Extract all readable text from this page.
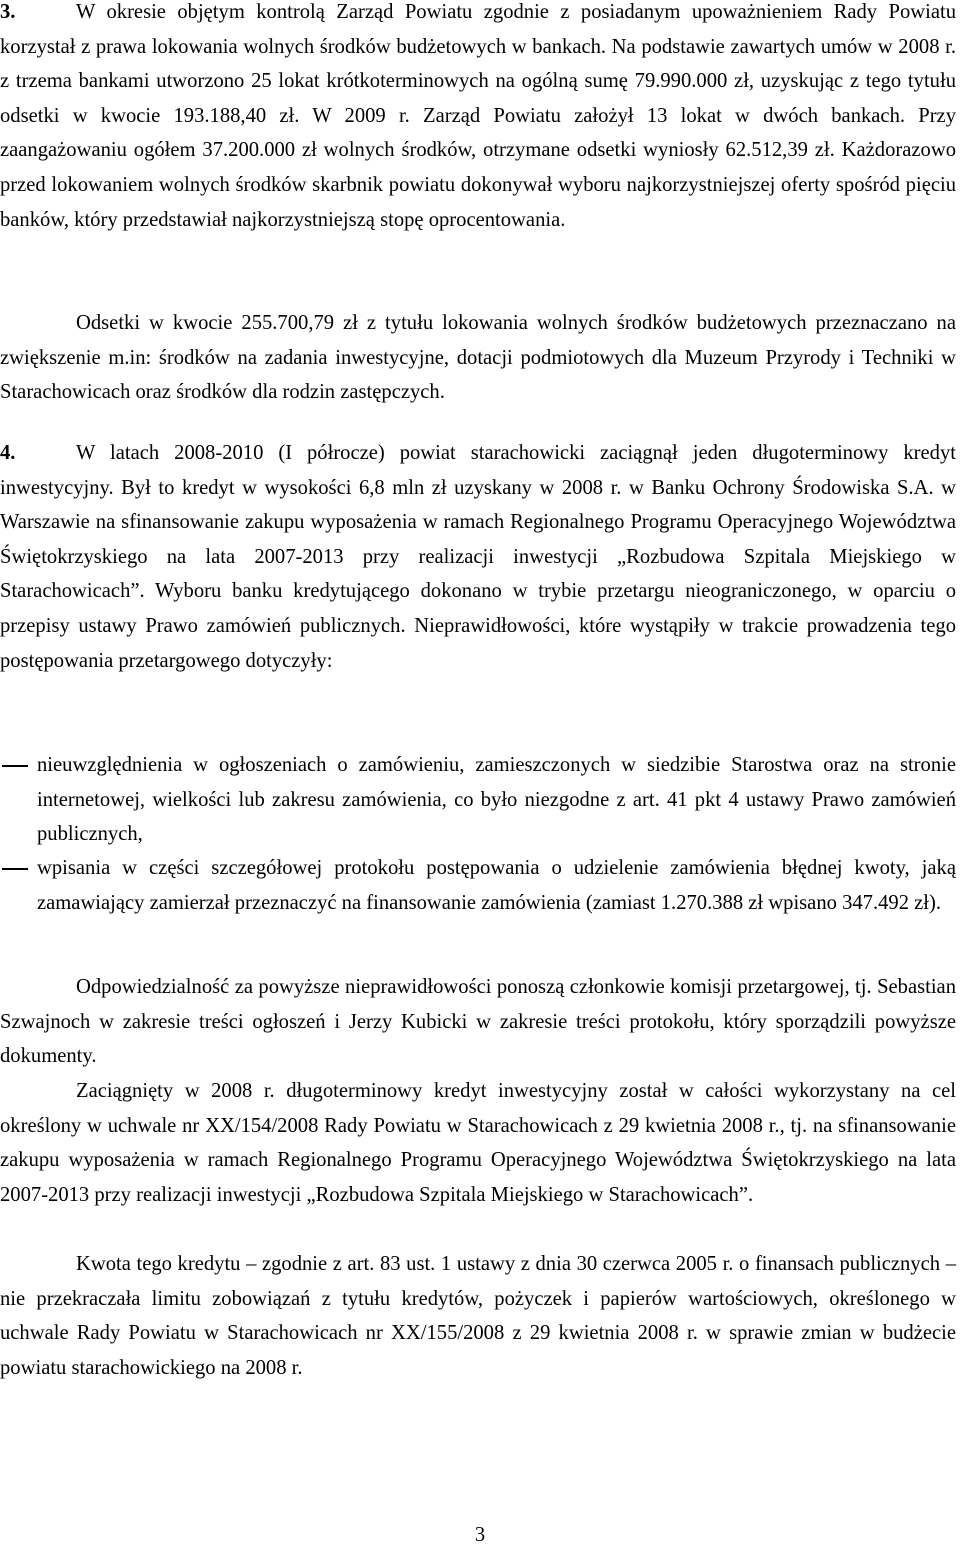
3.	W okresie objętym kontrolą Zarząd Powiatu zgodnie z posiadanym upoważnieniem Rady Powiatu korzystał z prawa lokowania wolnych środków budżetowych w bankach. Na podstawie zawartych umów w 2008 r. z trzema bankami utworzono 25 lokat krótkoterminowych na ogólną sumę 79.990.000 zł, uzyskując z tego tytułu odsetki w kwocie 193.188,40 zł. W 2009 r. Zarząd Powiatu założył 13 lokat w dwóch bankach. Przy zaangażowaniu ogółem 37.200.000 zł wolnych środków, otrzymane odsetki wyniosły 62.512,39 zł. Każdorazowo przed lokowaniem wolnych środków skarbnik powiatu dokonywał wyboru najkorzystniejszej oferty spośród pięciu banków, który przedstawiał najkorzystniejszą stopę oprocentowania.

Odsetki w kwocie 255.700,79 zł z tytułu lokowania wolnych środków budżetowych przeznaczano na zwiększenie m.in: środków na zadania inwestycyjne, dotacji podmiotowych dla Muzeum Przyrody i Techniki w Starachowicach oraz środków dla rodzin zastępczych.

4.	W latach 2008-2010 (I półrocze) powiat starachowicki zaciągnął jeden długoterminowy kredyt inwestycyjny. Był to kredyt w wysokości 6,8 mln zł uzyskany w 2008 r. w Banku Ochrony Środowiska S.A. w Warszawie na sfinansowanie zakupu wyposażenia w ramach Regionalnego Programu Operacyjnego Województwa Świętokrzyskiego na lata 2007-2013 przy realizacji inwestycji „Rozbudowa Szpitala Miejskiego w Starachowicach”. Wyboru banku kredytującego dokonano w trybie przetargu nieograniczonego, w oparciu o przepisy ustawy Prawo zamówień publicznych. Nieprawidłowości, które wystąpiły w trakcie prowadzenia tego postępowania przetargowego dotyczyły:

nieuwzględnienia w ogłoszeniach o zamówieniu, zamieszczonych w siedzibie Starostwa oraz na stronie internetowej, wielkości lub zakresu zamówienia, co było niezgodne z art. 41 pkt 4 ustawy Prawo zamówień publicznych,
wpisania w części szczegółowej protokołu postępowania o udzielenie zamówienia błędnej kwoty, jaką zamawiający zamierzał przeznaczyć na finansowanie zamówienia (zamiast 1.270.388 zł wpisano 347.492 zł).

Odpowiedzialność za powyższe nieprawidłowości ponoszą członkowie komisji przetargowej, tj. Sebastian Szwajnoch w zakresie treści ogłoszeń i Jerzy Kubicki w zakresie treści protokołu, który sporządzili powyższe dokumenty.

Zaciągnięty w 2008 r. długoterminowy kredyt inwestycyjny został w całości wykorzystany na cel określony w uchwale nr XX/154/2008 Rady Powiatu w Starachowicach z 29 kwietnia 2008 r., tj. na sfinansowanie zakupu wyposażenia w ramach Regionalnego Programu Operacyjnego Województwa Świętokrzyskiego na lata 2007-2013 przy realizacji inwestycji „Rozbudowa Szpitala Miejskiego w Starachowicach”.

Kwota tego kredytu – zgodnie z art. 83 ust. 1 ustawy z dnia 30 czerwca 2005 r. o finansach publicznych – nie przekraczała limitu zobowiązań z tytułu kredytów, pożyczek i papierów wartościowych, określonego w uchwale Rady Powiatu w Starachowicach nr XX/155/2008 z 29 kwietnia 2008 r. w sprawie zmian w budżecie powiatu starachowickiego na 2008 r.

3
